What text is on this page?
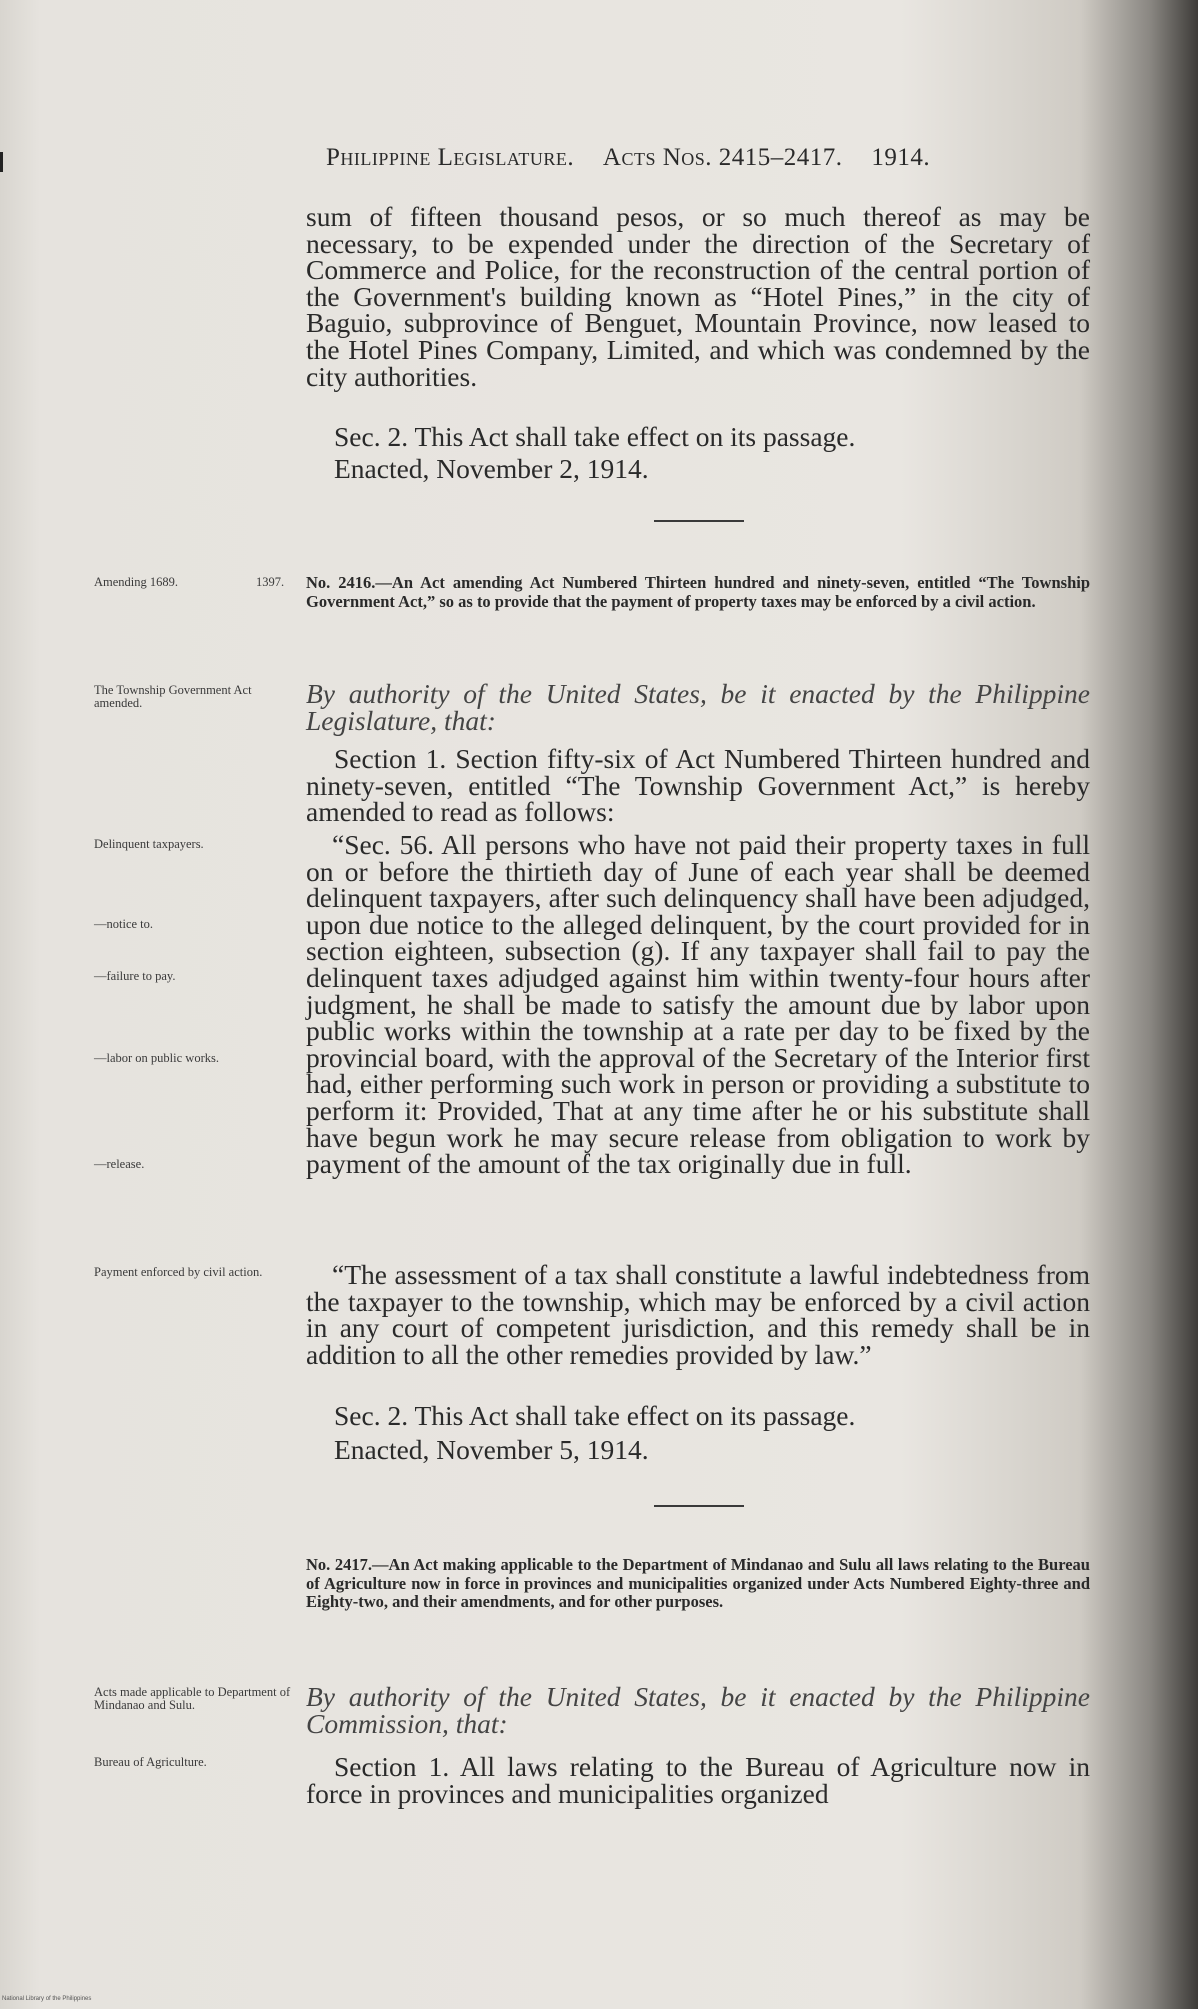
Philippine Legislature. Acts Nos. 2415–2417. 1914.
sum of fifteen thousand pesos, or so much thereof as may be necessary, to be expended under the direction of the Secretary of Commerce and Police, for the reconstruction of the central portion of the Government's building known as “Hotel Pines,” in the city of Baguio, subprovince of Benguet, Mountain Province, now leased to the Hotel Pines Company, Limited, and which was condemned by the city authorities.
Sec. 2. This Act shall take effect on its passage.
Enacted, November 2, 1914.
Amending 1689.	1397.	No. 2416.—An Act amending Act Numbered Thirteen hundred and ninety-seven, entitled “The Township Government Act,” so as to provide that the payment of property taxes may be enforced by a civil action.
The Township Government Act amended.	By authority of the United States, be it enacted by the Philippine Legislature, that:
Section 1. Section fifty-six of Act Numbered Thirteen hundred and ninety-seven, entitled “The Township Government Act,” is hereby amended to read as follows:
Delinquent taxpayers.
—notice to.
—failure to pay.
—labor on public works.
—release.
“Sec. 56. All persons who have not paid their property taxes in full on or before the thirtieth day of June of each year shall be deemed delinquent taxpayers, after such delinquency shall have been adjudged, upon due notice to the alleged delinquent, by the court provided for in section eighteen, subsection (g). If any taxpayer shall fail to pay the delinquent taxes adjudged against him within twenty-four hours after judgment, he shall be made to satisfy the amount due by labor upon public works within the township at a rate per day to be fixed by the provincial board, with the approval of the Secretary of the Interior first had, either performing such work in person or providing a substitute to perform it: Provided, That at any time after he or his substitute shall have begun work he may secure release from obligation to work by payment of the amount of the tax originally due in full.
Payment enforced by civil action.	“The assessment of a tax shall constitute a lawful indebtedness from the taxpayer to the township, which may be enforced by a civil action in any court of competent jurisdiction, and this remedy shall be in addition to all the other remedies provided by law.”
Sec. 2. This Act shall take effect on its passage.
Enacted, November 5, 1914.
No. 2417.—An Act making applicable to the Department of Mindanao and Sulu all laws relating to the Bureau of Agriculture now in force in provinces and municipalities organized under Acts Numbered Eighty-three and Eighty-two, and their amendments, and for other purposes.
Acts made applicable to Department of Mindanao and Sulu.	By authority of the United States, be it enacted by the Philippine Commission, that:
Bureau of Agriculture.	Section 1. All laws relating to the Bureau of Agriculture now in force in provinces and municipalities organized
National Library of the Philippines
